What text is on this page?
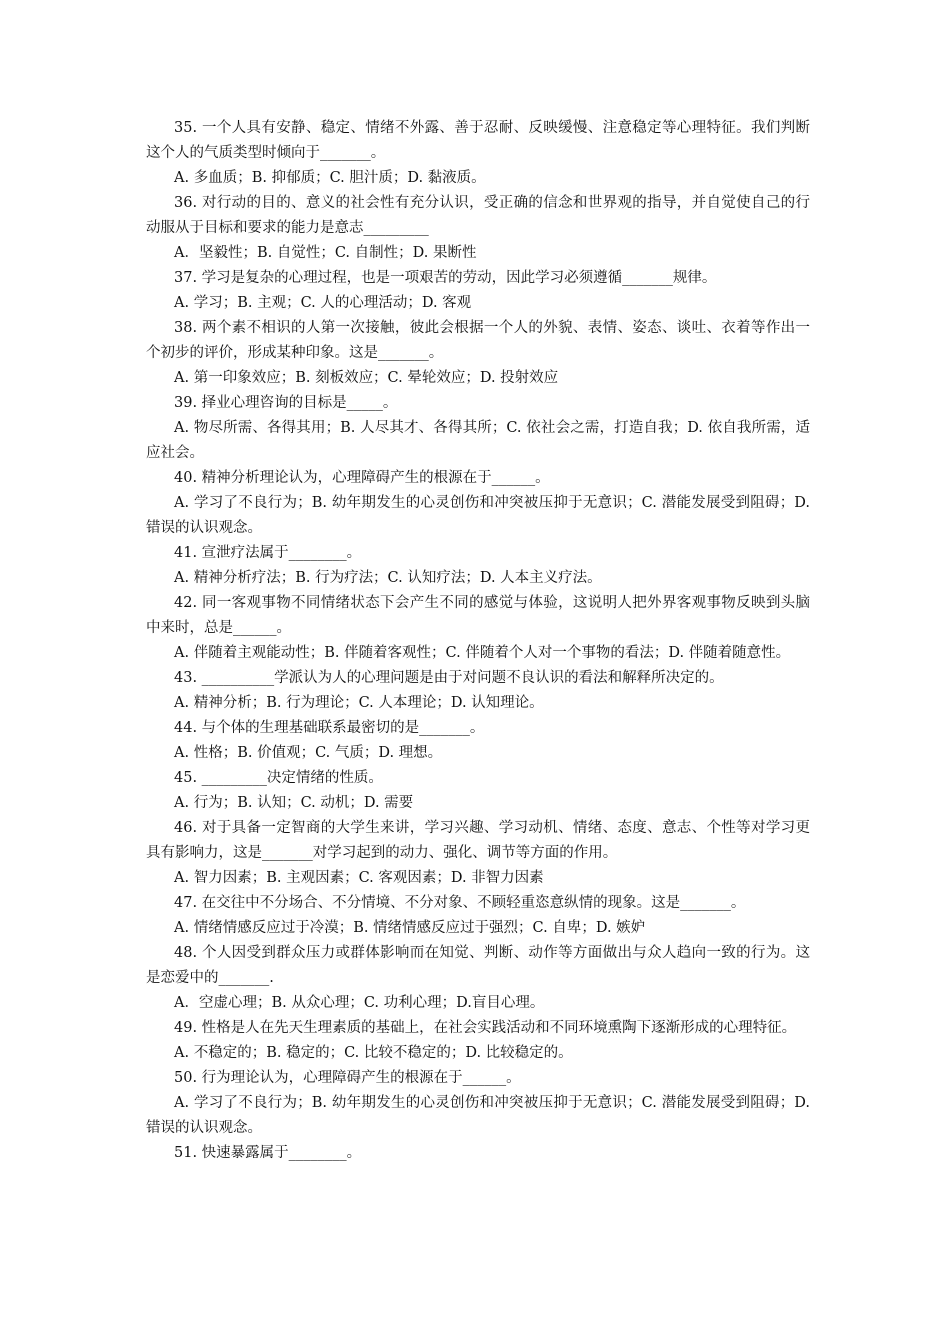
35. 一个人具有安静、稳定、情绪不外露、善于忍耐、反映缓慢、注意稳定等心理特征。我们判断这个人的气质类型时倾向于_______。

A. 多血质；B. 抑郁质；C. 胆汁质；D. 黏液质。

36. 对行动的目的、意义的社会性有充分认识，受正确的信念和世界观的指导，并自觉使自己的行动服从于目标和要求的能力是意志_________

A．坚毅性；B. 自觉性；C. 自制性；D. 果断性

37. 学习是复杂的心理过程，也是一项艰苦的劳动，因此学习必须遵循_______规律。

A. 学习；B. 主观；C. 人的心理活动；D. 客观

38. 两个素不相识的人第一次接触，彼此会根据一个人的外貌、表情、姿态、谈吐、衣着等作出一个初步的评价，形成某种印象。这是_______。

A. 第一印象效应；B. 刻板效应；C. 晕轮效应；D. 投射效应

39. 择业心理咨询的目标是_____。

A. 物尽所需、各得其用；B. 人尽其才、各得其所；C. 依社会之需，打造自我；D. 依自我所需，适应社会。

40. 精神分析理论认为，心理障碍产生的根源在于______。

A. 学习了不良行为；B. 幼年期发生的心灵创伤和冲突被压抑于无意识；C. 潜能发展受到阻碍；D. 错误的认识观念。

41. 宣泄疗法属于________。

A. 精神分析疗法；B. 行为疗法；C. 认知疗法；D. 人本主义疗法。

42. 同一客观事物不同情绪状态下会产生不同的感觉与体验，这说明人把外界客观事物反映到头脑中来时，总是______。

A. 伴随着主观能动性；B. 伴随着客观性；C. 伴随着个人对一个事物的看法；D. 伴随着随意性。

43. __________学派认为人的心理问题是由于对问题不良认识的看法和解释所决定的。

A. 精神分析；B. 行为理论；C. 人本理论；D. 认知理论。

44. 与个体的生理基础联系最密切的是_______。

A. 性格；B. 价值观；C. 气质；D. 理想。

45. _________决定情绪的性质。

A. 行为；B. 认知；C. 动机；D. 需要

46. 对于具备一定智商的大学生来讲，学习兴趣、学习动机、情绪、态度、意志、个性等对学习更具有影响力，这是_______对学习起到的动力、强化、调节等方面的作用。

A. 智力因素；B. 主观因素；C. 客观因素；D. 非智力因素

47. 在交往中不分场合、不分情境、不分对象、不顾轻重恣意纵情的现象。这是_______。

A. 情绪情感反应过于冷漠；B. 情绪情感反应过于强烈；C. 自卑；D. 嫉妒

48. 个人因受到群众压力或群体影响而在知觉、判断、动作等方面做出与众人趋向一致的行为。这是恋爱中的_______.

A．空虚心理；B. 从众心理；C. 功利心理；D.盲目心理。

49. 性格是人在先天生理素质的基础上，在社会实践活动和不同环境熏陶下逐渐形成的心理特征。

A. 不稳定的；B. 稳定的；C. 比较不稳定的；D. 比较稳定的。

50. 行为理论认为，心理障碍产生的根源在于______。

A. 学习了不良行为；B. 幼年期发生的心灵创伤和冲突被压抑于无意识；C. 潜能发展受到阻碍；D. 错误的认识观念。

51. 快速暴露属于________。
